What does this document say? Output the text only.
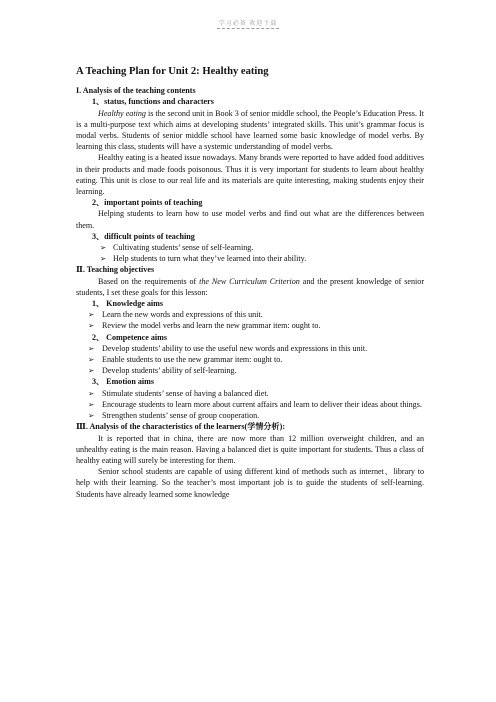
学习必备 欢迎下载
A Teaching Plan for Unit 2: Healthy eating
I. Analysis of the teaching contents
1、status, functions and characters

Healthy eating is the second unit in Book 3 of senior middle school, the People’s Education Press. It is a multi-purpose text which aims at developing students’ integrated skills. This unit’s grammar focus is modal verbs. Students of senior middle school have learned some basic knowledge of model verbs. By learning this class, students will have a systemic understanding of model verbs.

Healthy eating is a heated issue nowadays. Many brands were reported to have added food additives in their products and made foods poisonous. Thus it is very important for students to learn about healthy eating. This unit is close to our real life and its materials are quite interesting, making students enjoy their learning.

2、important points of teaching

Helping students to learn how to use model verbs and find out what are the differences between them.

3、difficult points of teaching
➢ Cultivating students’ sense of self-learning.
➢ Help students to turn what they’ve learned into their ability.
Ⅱ. Teaching objectives

Based on the requirements of the New Curriculum Criterion and the present knowledge of senior students, I set these goals for this lesson:

1、 Knowledge aims
➢ Learn the new words and expressions of this unit.
➢ Review the model verbs and learn the new grammar item: ought to.
2、 Competence aims
➢ Develop students’ ability to use the useful new words and expressions in this unit.
➢ Enable students to use the new grammar item: ought to.
➢ Develop students’ ability of self-learning.
3、 Emotion aims
➢ Stimulate students’ sense of having a balanced diet.
➢ Encourage students to learn more about current affairs and learn to deliver their ideas about things.
➢ Strengthen students’ sense of group cooperation.
Ⅲ. Analysis of the characteristics of the learners(学情分析):

It is reported that in china, there are now more than 12 million overweight children, and an unhealthy eating is the main reason. Having a balanced diet is quite important for students. Thus a class of healthy eating will surely be interesting for them.

Senior school students are capable of using different kind of methods such as internet、library to help with their learning. So the teacher’s most important job is to guide the students of self-learning. Students have already learned some knowledge
